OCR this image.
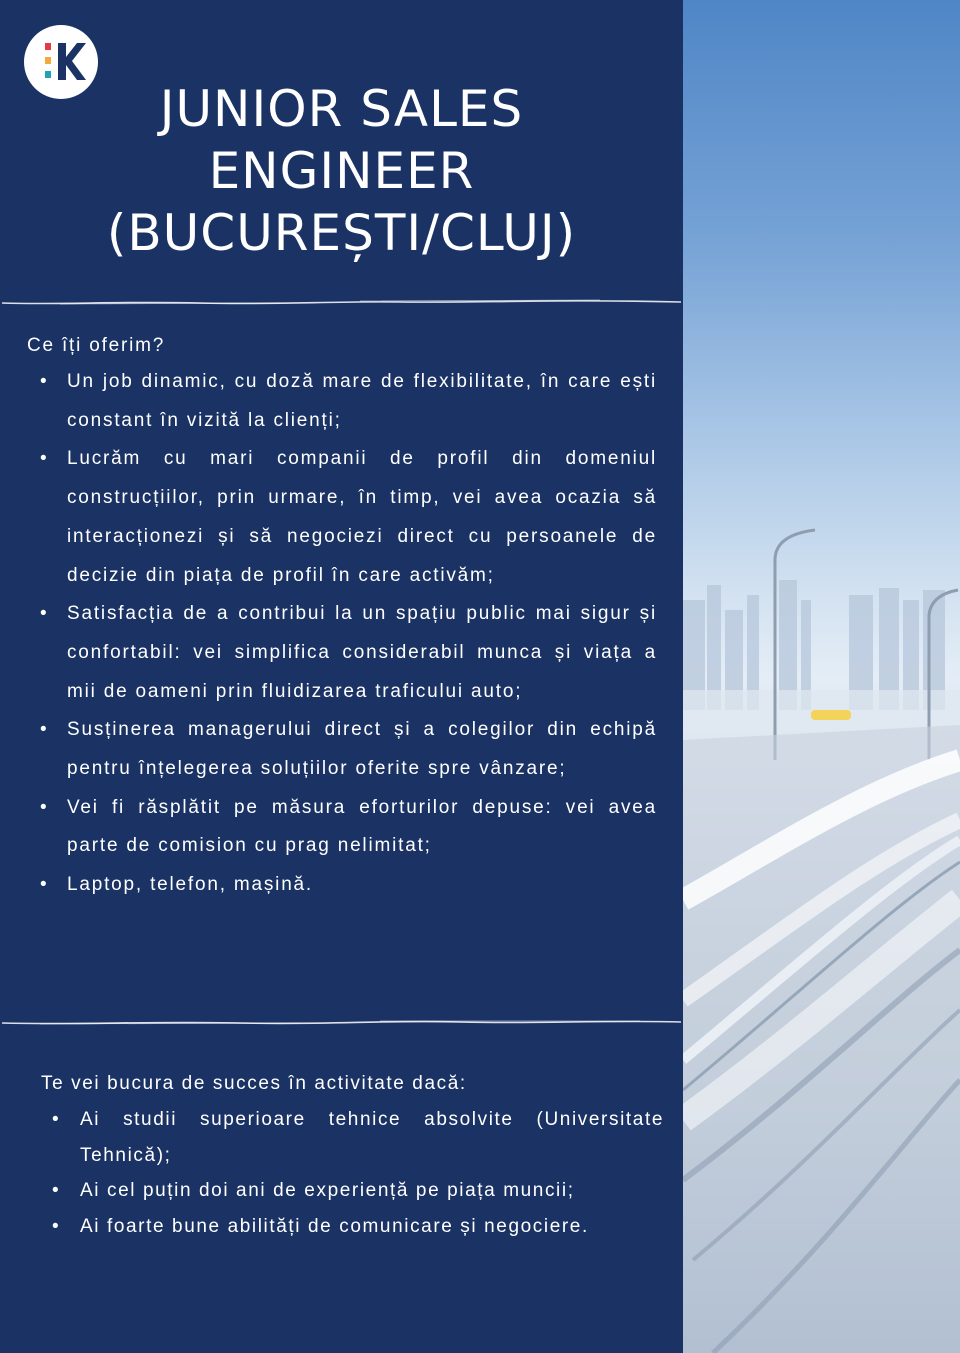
JUNIOR SALES
ENGINEER
(BUCUREȘTI/CLUJ)
Ce îți oferim?
• Un job dinamic, cu doză mare de flexibilitate, în care ești constant în vizită la clienți;
• Lucrăm cu mari companii de profil din domeniul construcțiilor, prin urmare, în timp, vei avea ocazia să interacționezi și să negociezi direct cu persoanele de decizie din piața de profil în care activăm;
• Satisfacția de a contribui la un spațiu public mai sigur și confortabil: vei simplifica considerabil munca și viața a mii de oameni prin fluidizarea traficului auto;
• Susținerea managerului direct și a colegilor din echipă pentru înțelegerea soluțiilor oferite spre vânzare;
• Vei fi răsplătit pe măsura eforturilor depuse: vei avea parte de comision cu prag nelimitat;
• Laptop, telefon, mașină.
Te vei bucura de succes în activitate dacă:
• Ai studii superioare tehnice absolvite (Universitate Tehnică);
• Ai cel puțin doi ani de experiență pe piața muncii;
• Ai foarte bune abilități de comunicare și negociere.
